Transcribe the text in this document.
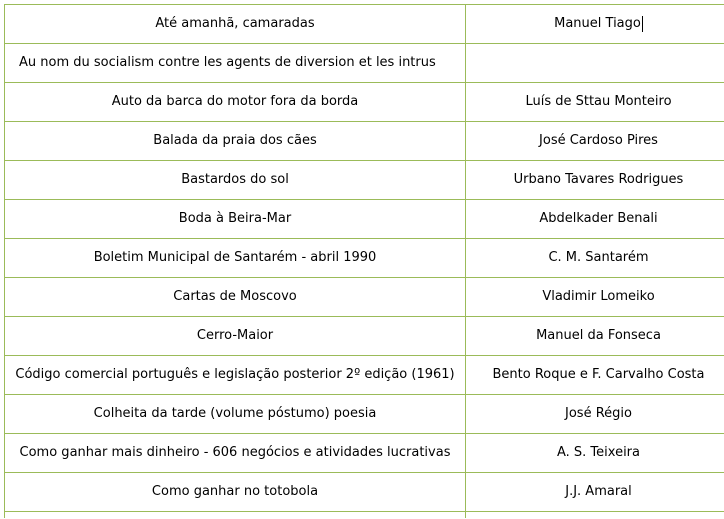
Até amanhã, camaradas	Manuel Tiago
Au nom du socialism contre les agents de diversion et les intrus	
Auto da barca do motor fora da borda	Luís de Sttau Monteiro
Balada da praia dos cães	José Cardoso Pires
Bastardos do sol	Urbano Tavares Rodrigues
Boda à Beira-Mar	Abdelkader Benali
Boletim Municipal de Santarém - abril 1990	C. M. Santarém
Cartas de Moscovo	Vladimir Lomeiko
Cerro-Maior	Manuel da Fonseca
Código comercial português e legislação posterior 2º edição (1961)	Bento Roque e F. Carvalho Costa
Colheita da tarde (volume póstumo) poesia	José Régio
Como ganhar mais dinheiro - 606 negócios e atividades lucrativas	A. S. Teixeira
Como ganhar no totobola	J.J. Amaral
